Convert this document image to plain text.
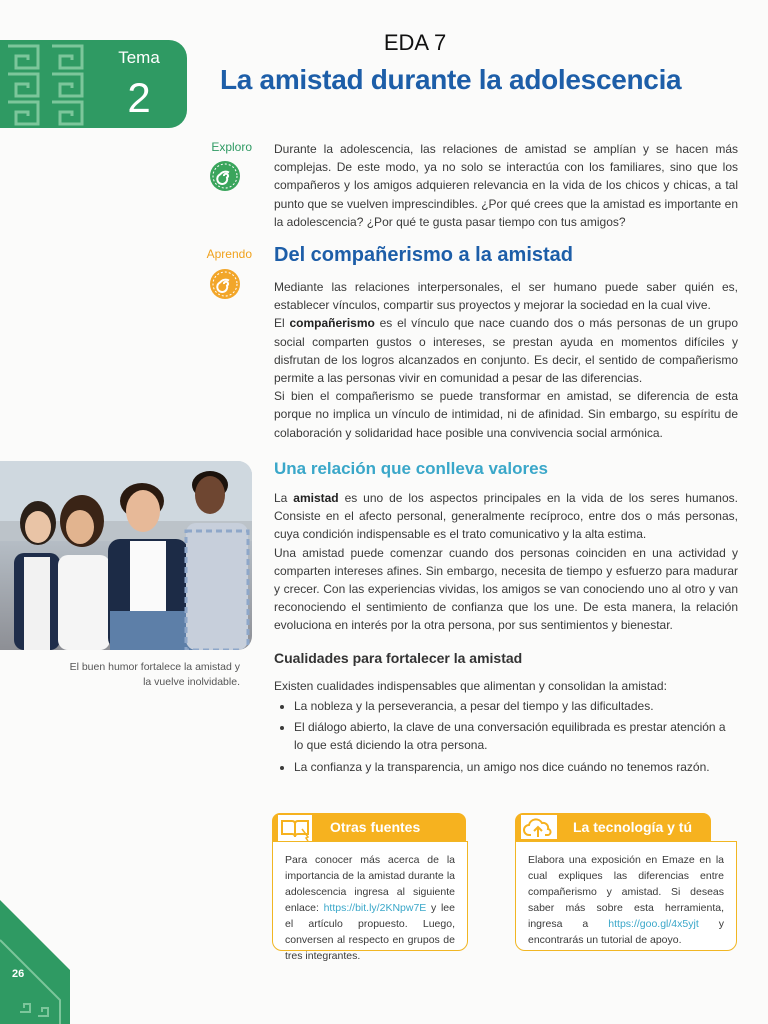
EDA 7
Tema
2	La amistad durante la adolescencia
Exploro Durante la adolescencia, las relaciones de amistad se amplían y se hacen más complejas. De este modo, ya no solo se interactúa con los familiares, sino que los compañeros y los amigos adquieren relevancia en la vida de los chicos y chicas, a tal punto que se vuelven imprescindibles. ¿Por qué crees que la amistad es importante en la adolescencia? ¿Por qué te gusta pasar tiempo con tus amigos?
Aprendo Del compañerismo a la amistad

Mediante las relaciones interpersonales, el ser humano puede saber quién es, establecer vínculos, compartir sus proyectos y mejorar la sociedad en la cual vive.

El compañerismo es el vínculo que nace cuando dos o más personas de un grupo social comparten gustos o intereses, se prestan ayuda en momentos difíciles y disfrutan de los logros alcanzados en conjunto. Es decir, el sentido de compañerismo permite a las personas vivir en comunidad a pesar de las diferencias.

Si bien el compañerismo se puede transformar en amistad, se diferencia de esta porque no implica un vínculo de intimidad, ni de afinidad. Sin embargo, su espíritu de colaboración y solidaridad hace posible una convivencia social armónica.

El buen humor fortalece la amistad y la vuelve inolvidable.
Una relación que conlleva valores

La amistad es uno de los aspectos principales en la vida de los seres humanos. Consiste en el afecto personal, generalmente recíproco, entre dos o más personas, cuya condición indispensable es el trato comunicativo y la alta estima.

Una amistad puede comenzar cuando dos personas coinciden en una actividad y comparten intereses afines. Sin embargo, necesita de tiempo y esfuerzo para madurar y crecer. Con las experiencias vividas, los amigos se van conociendo uno al otro y van reconociendo el sentimiento de confianza que los une. De esta manera, la relación evoluciona en interés por la otra persona, por sus sentimientos y bienestar.

Cualidades para fortalecer la amistad
Existen cualidades indispensables que alimentan y consolidan la amistad:
• La nobleza y la perseverancia, a pesar del tiempo y las dificultades.
• El diálogo abierto, la clave de una conversación equilibrada es prestar atención a lo que está diciendo la otra persona.
• La confianza y la transparencia, un amigo nos dice cuándo no tenemos razón.
Otras fuentes
Para conocer más acerca de la importancia de la amistad durante la adolescencia ingresa al siguiente enlace: https://bit.ly/2KNpw7E y lee el artículo propuesto. Luego, conversen al respecto en grupos de tres integrantes.
La tecnología y tú
Elabora una exposición en Emaze en la cual expliques las diferencias entre compañerismo y amistad. Si deseas saber más sobre esta herramienta, ingresa a https://goo.gl/4x5yjt y encontrarás un tutorial de apoyo.
26
